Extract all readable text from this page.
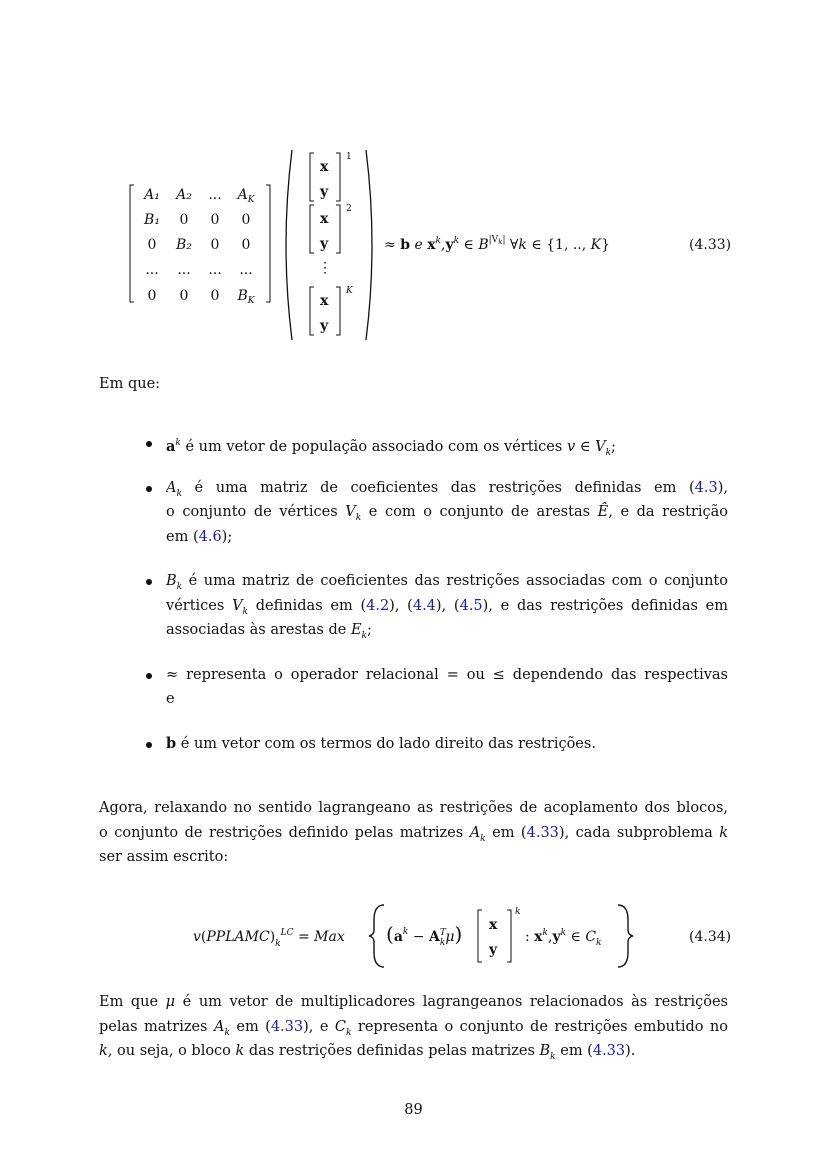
A₁ A₂ ... $A_K$
B₁ 0 0 0
0 B₂ 0 0
... ... ... ...
0 0 0 $B_K$
x
y
1
x
y
2
x
y
K
⋮
≈ b e $x^k,y^k$ ∈ $B^{|V}k|$ ∀k ∈ {1, .., K}	(4.33)
Em que:
$a^k$ é um vetor de população associado com os vértices v ∈ $V_k$;
$A_k$ é uma matriz de coeficientes das restrições definidas em (4.3),
o conjunto de vértices $V_k$ e com o conjunto de arestas Ê, e da restrição
em (4.6);
$B_k$ é uma matriz de coeficientes das restrições associadas com o conjunto
vértices $V_k$ definidas em (4.2), (4.4), (4.5), e das restrições definidas em
associadas às arestas de $E_k$;
≈ representa o operador relacional = ou ≤ dependendo das respectivas
e
b é um vetor com os termos do lado direito das restrições.
Agora, relaxando no sentido lagrangeano as restrições de acoplamento dos blocos,
o conjunto de restrições definido pelas matrizes $A_k$ em (4.33), cada subproblema k
ser assim escrito:
$v(PPLAMC)_k^{LC}$ = Max ($a^k - A^T$ kμ) x
y
k
: $x^k,y^k$ ∈ $C_k$	(4.34)
Em que μ é um vetor de multiplicadores lagrangeanos relacionados às restrições
pelas matrizes $A_k$ em (4.33), e $C_k$ representa o conjunto de restrições embutido no
k, ou seja, o bloco k das restrições definidas pelas matrizes $B_k$ em (4.33).
89
